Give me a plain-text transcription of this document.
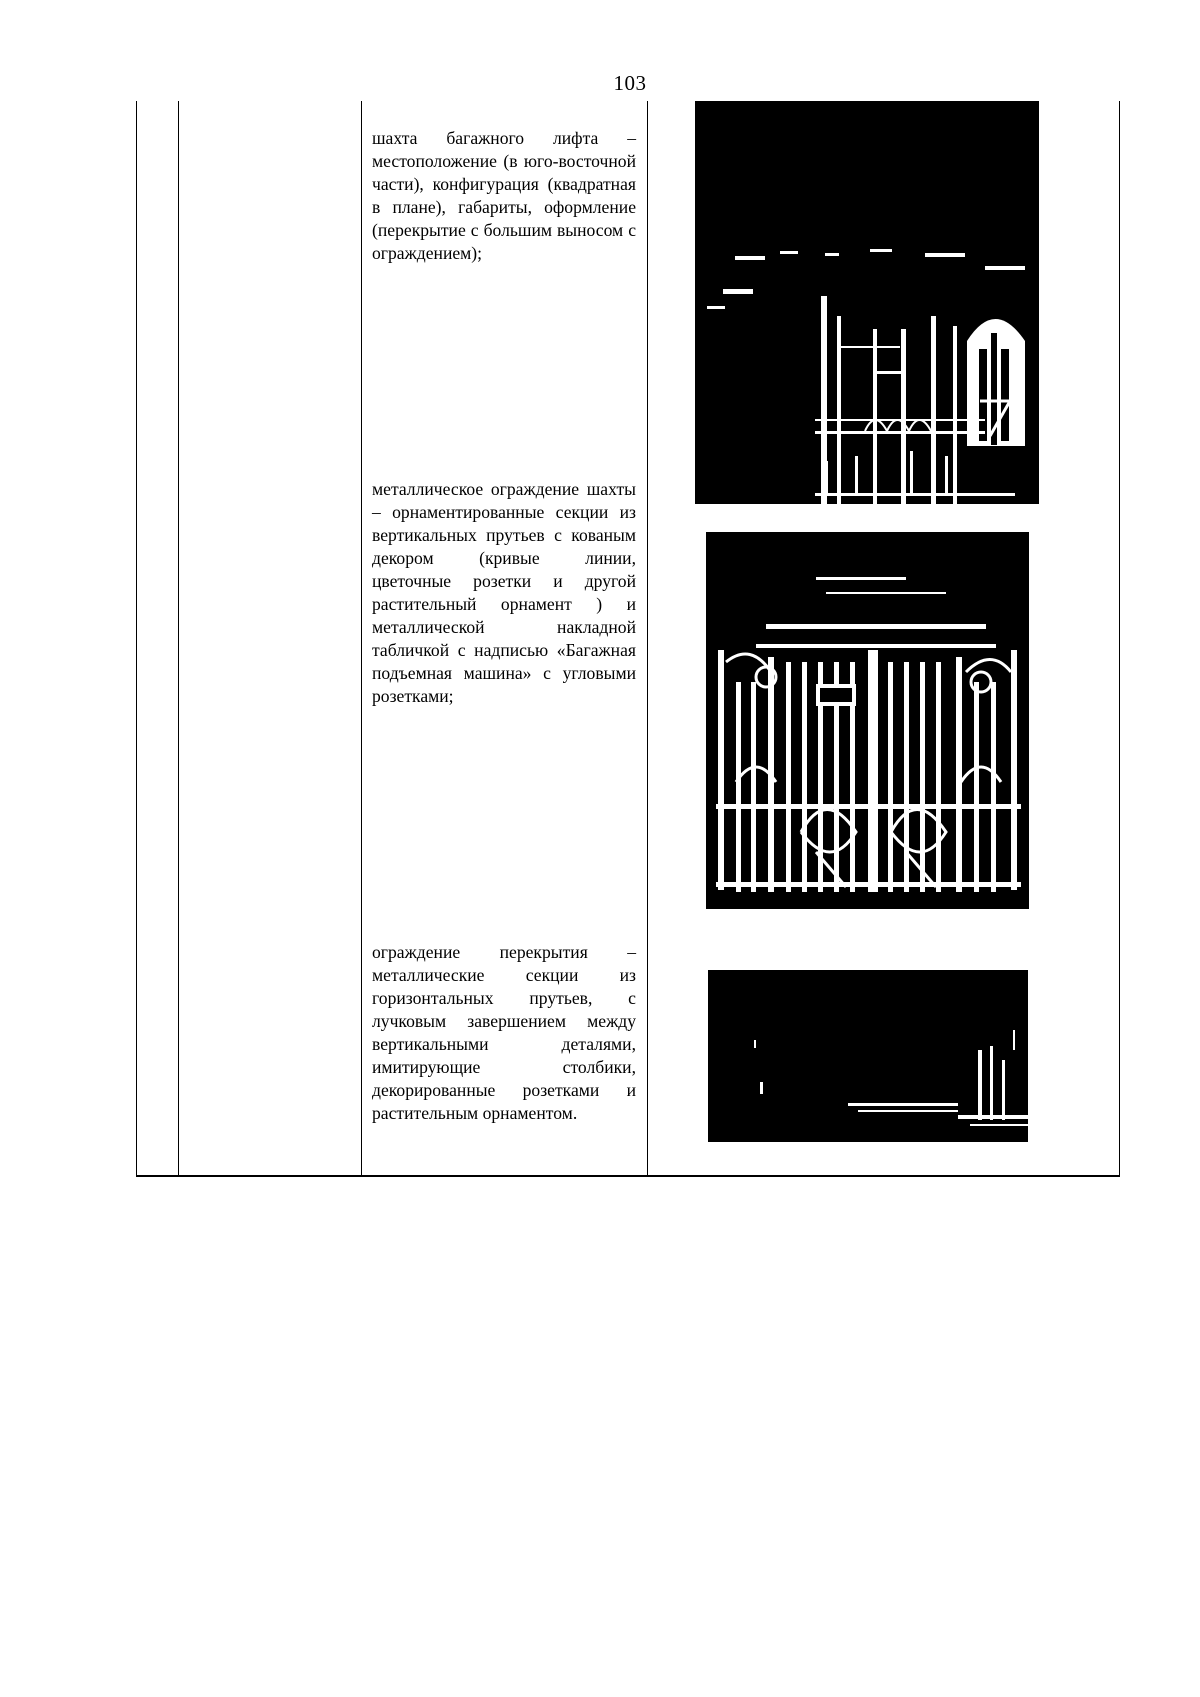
103
шахта багажного лифта – местоположение (в юго-восточной части), конфигурация (квадратная в плане), габариты, оформление (перекрытие с большим выносом с ограждением);
металлическое ограждение шахты – орнаментированные секции из вертикальных прутьев с кованым декором (кривые линии, цветочные розетки и другой растительный орнамент ) и металлической накладной табличкой с надписью «Багажная подъемная машина» с угловыми розетками;
ограждение перекрытия – металлические секции из горизонтальных прутьев, с лучковым завершением между вертикальными деталями, имитирующие столбики, декорированные розетками и растительным орнаментом.
